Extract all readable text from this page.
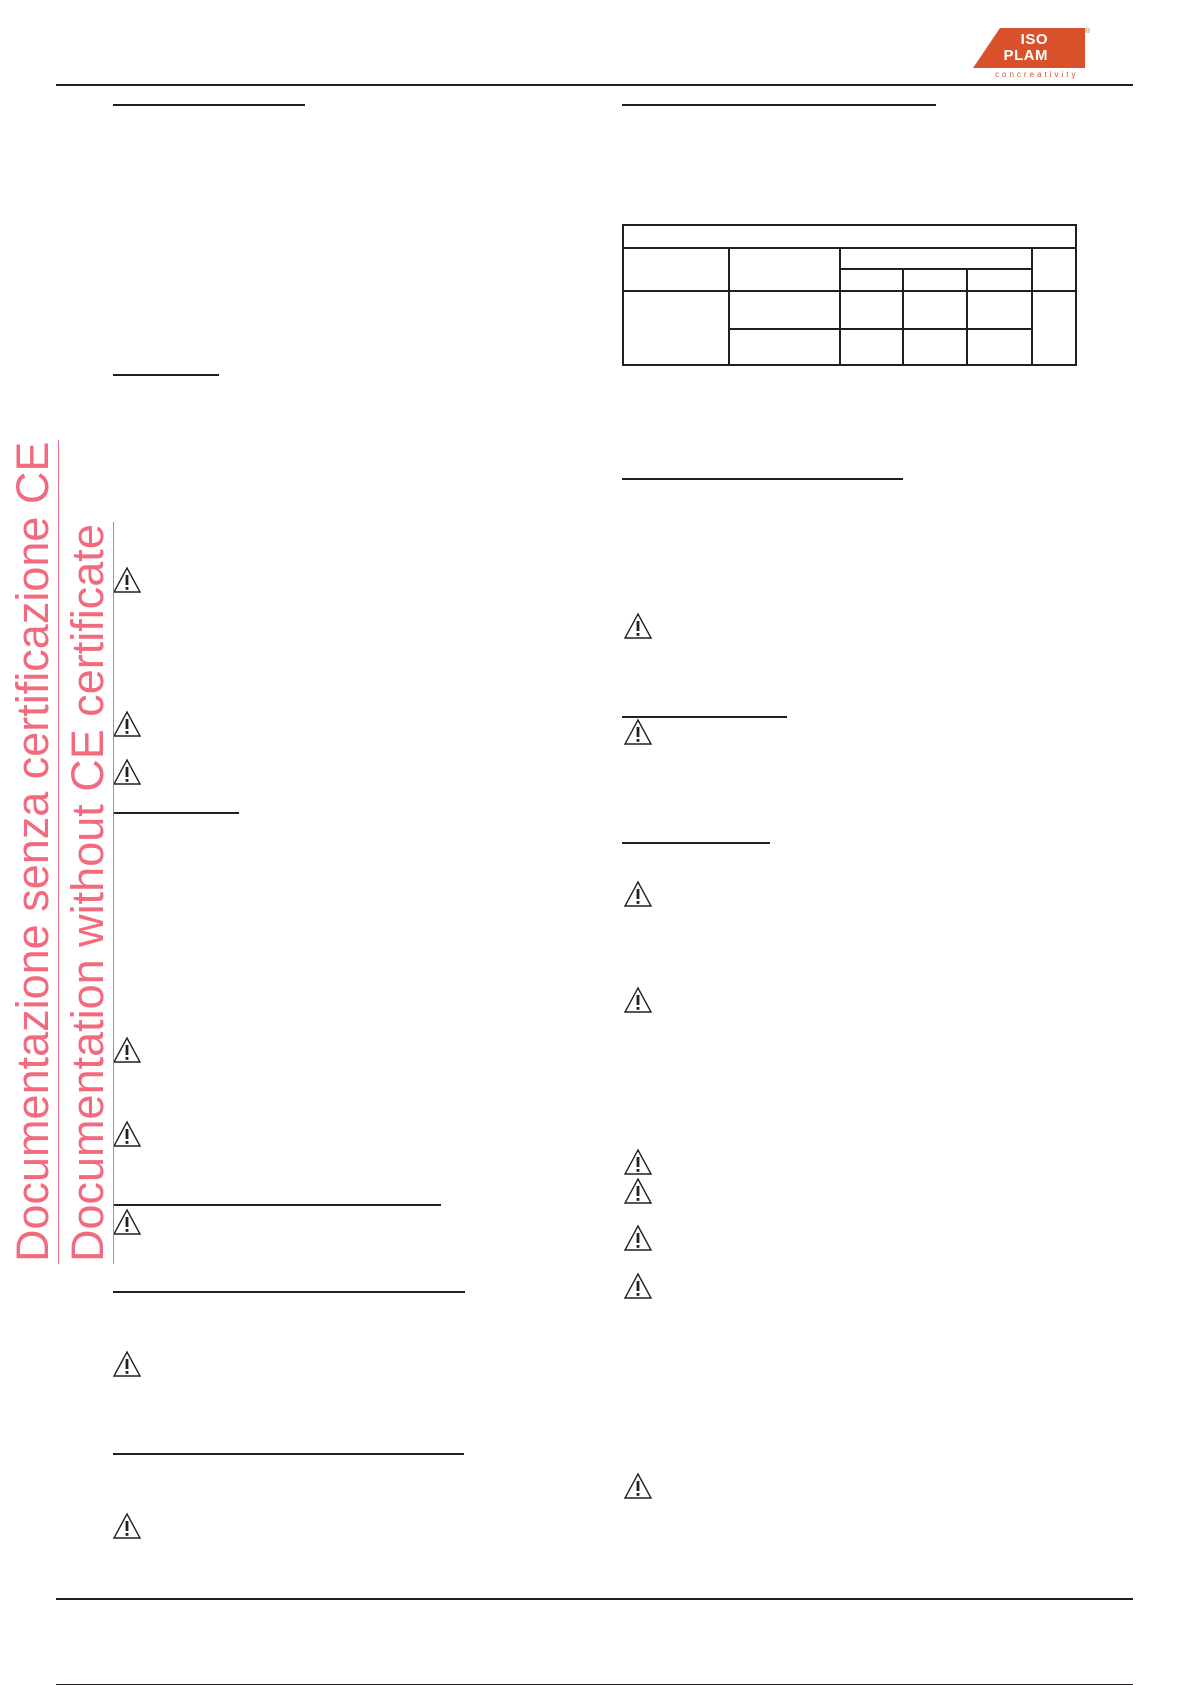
ISO
PLAM
concreativity
®
Documentazione senza certificazione CE Documentation without CE certificate
